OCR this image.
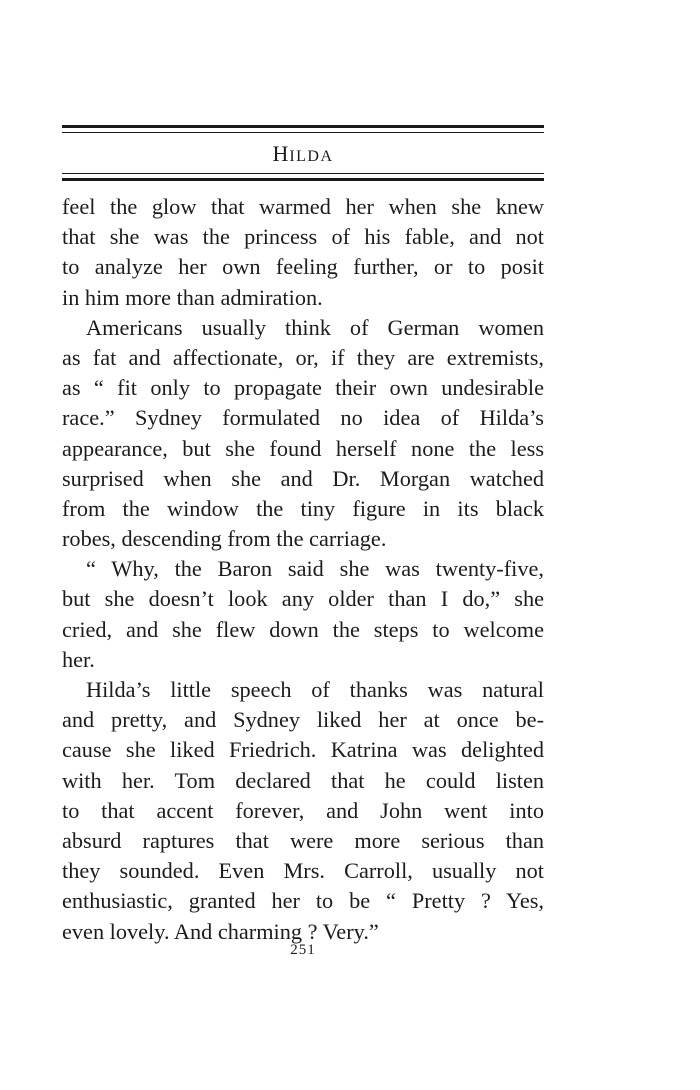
HILDA
feel the glow that warmed her when she knew
that she was the princess of his fable, and not
to analyze her own feeling further, or to posit
in him more than admiration.
Americans usually think of German women
as fat and affectionate, or, if they are extremists,
as “ fit only to propagate their own undesirable
race.” Sydney formulated no idea of Hilda’s
appearance, but she found herself none the less
surprised when she and Dr. Morgan watched
from the window the tiny figure in its black
robes, descending from the carriage.
“ Why, the Baron said she was twenty-five,
but she doesn’t look any older than I do,” she
cried, and she flew down the steps to welcome
her.
Hilda’s little speech of thanks was natural
and pretty, and Sydney liked her at once be-
cause she liked Friedrich. Katrina was delighted
with her. Tom declared that he could listen
to that accent forever, and John went into
absurd raptures that were more serious than
they sounded. Even Mrs. Carroll, usually not
enthusiastic, granted her to be “ Pretty ? Yes,
even lovely. And charming ? Very.”
251
